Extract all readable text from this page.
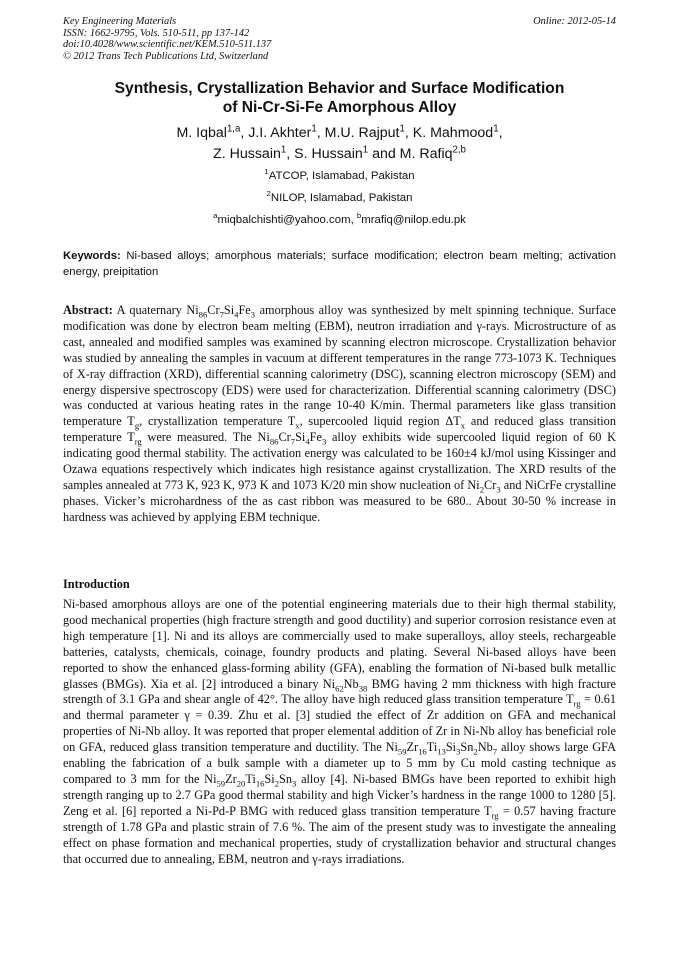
Key Engineering Materials	Online: 2012-05-14
ISSN: 1662-9795, Vols. 510-511, pp 137-142
doi:10.4028/www.scientific.net/KEM.510-511.137
© 2012 Trans Tech Publications Ltd, Switzerland
Synthesis, Crystallization Behavior and Surface Modification
of Ni-Cr-Si-Fe Amorphous Alloy
M. Iqbal$^{1,a}$, J.I. Akhter$^1$, M.U. Rajput$^1$, K. Mahmood$^1$,
Z. Hussain$^1$, S. Hussain$^1$ and M. Rafiq$^{2,b}$
$^1$ATCOP, Islamabad, Pakistan
$^2$NILOP, Islamabad, Pakistan
$^a$miqbalchishti@yahoo.com, $^b$mrafiq@nilop.edu.pk
Keywords: Ni-based alloys; amorphous materials; surface modification; electron beam melting; activation energy, preipitation

Abstract: A quaternary $Ni_{86}Cr_7Si_4Fe_3$ amorphous alloy was synthesized by melt spinning technique. Surface modification was done by electron beam melting (EBM), neutron irradiation and γ-rays. Microstructure of as cast, annealed and modified samples was examined by scanning electron microscope. Crystallization behavior was studied by annealing the samples in vacuum at different temperatures in the range 773-1073 K. Techniques of X-ray diffraction (XRD), differential scanning calorimetry (DSC), scanning electron microscopy (SEM) and energy dispersive spectroscopy (EDS) were used for characterization. Differential scanning calorimetry (DSC) was conducted at various heating rates in the range 10-40 K/min. Thermal parameters like glass transition temperature $T_g$, crystallization temperature $T_x$, supercooled liquid region $\Delta T_x$ and reduced glass transition temperature $T_{rg}$ were measured. The $Ni_{86}Cr_7Si_4Fe_3$ alloy exhibits wide supercooled liquid region of 60 K indicating good thermal stability. The activation energy was calculated to be 160±4 kJ/mol using Kissinger and Ozawa equations respectively which indicates high resistance against crystallization. The XRD results of the samples annealed at 773 K, 923 K, 973 K and 1073 K/20 min show nucleation of $Ni_2Cr_3$ and NiCrFe crystalline phases. Vicker’s microhardness of the as cast ribbon was measured to be 680.. About 30-50 % increase in hardness was achieved by applying EBM technique.

Introduction

Ni-based amorphous alloys are one of the potential engineering materials due to their high thermal stability, good mechanical properties (high fracture strength and good ductility) and superior corrosion resistance even at high temperature [1]. Ni and its alloys are commercially used to make superalloys, alloy steels, rechargeable batteries, catalysts, chemicals, coinage, foundry products and plating. Several Ni-based alloys have been reported to show the enhanced glass-forming ability (GFA), enabling the formation of Ni-based bulk metallic glasses (BMGs). Xia et al. [2] introduced a binary $Ni_{62}Nb_{38}$ BMG having 2 mm thickness with high fracture strength of 3.1 GPa and shear angle of 42°. The alloy have high reduced glass transition temperature $T_{rg} = 0.61$ and thermal parameter γ = 0.39. Zhu et al. [3] studied the effect of Zr addition on GFA and mechanical properties of Ni-Nb alloy. It was reported that proper elemental addition of Zr in Ni-Nb alloy has beneficial role on GFA, reduced glass transition temperature and ductility. The $Ni_{59}Zr_{16}Ti_{13}Si_3Sn_2Nb_7$ alloy shows large GFA enabling the fabrication of a bulk sample with a diameter up to 5 mm by Cu mold casting technique as compared to 3 mm for the $Ni_{59}Zr_{20}Ti_{16}Si_2Sn_3$ alloy [4]. Ni-based BMGs have been reported to exhibit high strength ranging up to 2.7 GPa good thermal stability and high Vicker’s hardness in the range 1000 to 1280 [5]. Zeng et al. [6] reported a Ni-Pd-P BMG with reduced glass transition temperature $T_{rg} = 0.57$ having fracture strength of 1.78 GPa and plastic strain of 7.6 %. The aim of the present study was to investigate the annealing effect on phase formation and mechanical properties, study of crystallization behavior and structural changes that occurred due to annealing, EBM, neutron and γ-rays irradiations.
